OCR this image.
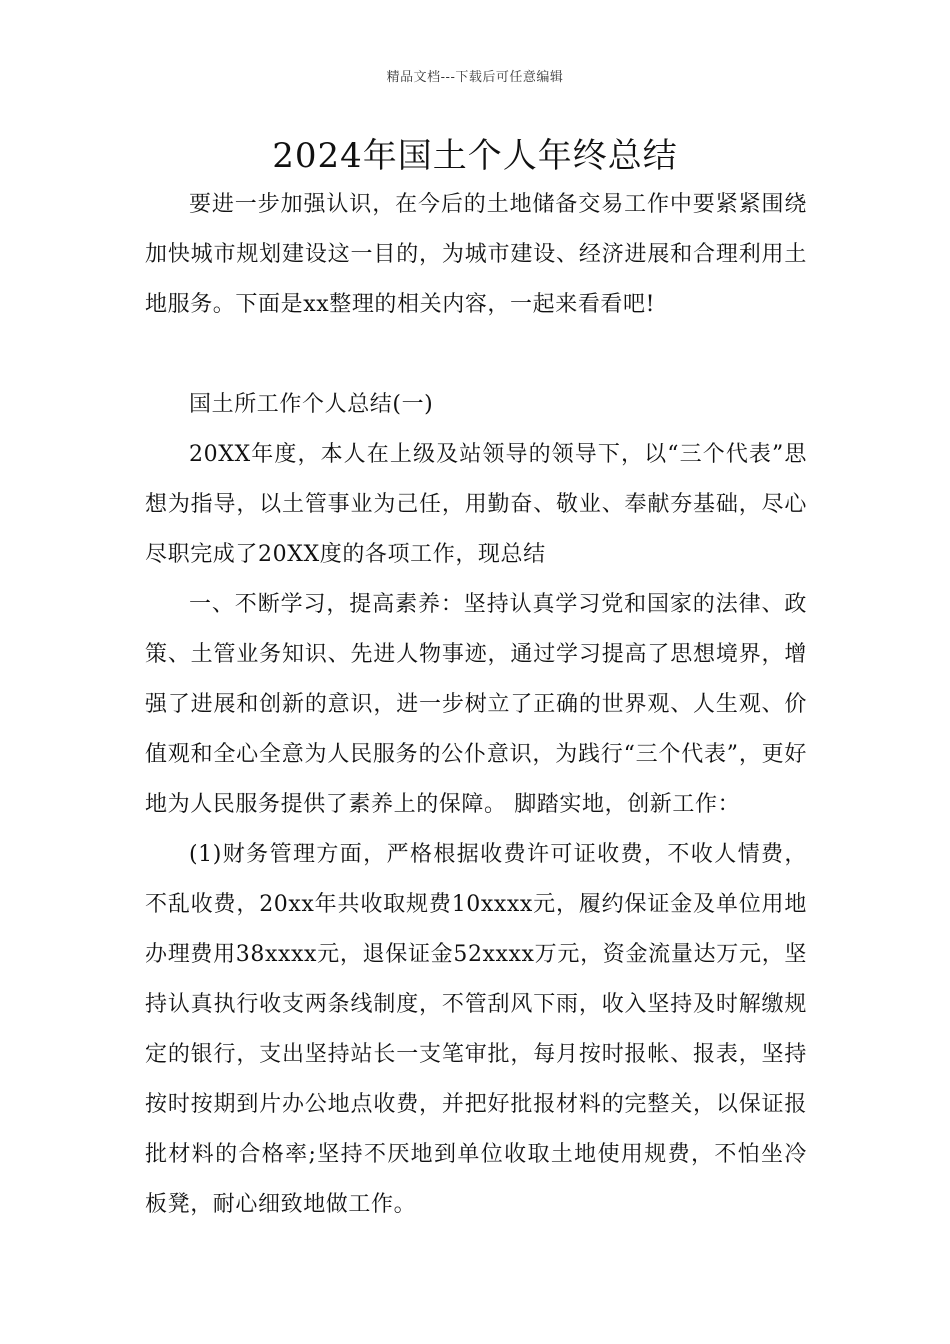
精品文档---下载后可任意编辑
2024年国土个人年终总结

要进一步加强认识，在今后的土地储备交易工作中要紧紧围绕加快城市规划建设这一目的，为城市建设、经济进展和合理利用土地服务。下面是xx整理的相关内容，一起来看看吧!

国土所工作个人总结(一)

20XX年度，本人在上级及站领导的领导下，以“三个代表”思想为指导，以土管事业为己任，用勤奋、敬业、奉献夯基础，尽心尽职完成了20XX度的各项工作，现总结

一、不断学习，提高素养：坚持认真学习党和国家的法律、政策、土管业务知识、先进人物事迹，通过学习提高了思想境界，增强了进展和创新的意识，进一步树立了正确的世界观、人生观、价值观和全心全意为人民服务的公仆意识，为践行“三个代表”，更好地为人民服务提供了素养上的保障。 脚踏实地，创新工作：

(1)财务管理方面，严格根据收费许可证收费，不收人情费，不乱收费，20xx年共收取规费10xxxx元，履约保证金及单位用地办理费用38xxxx元，退保证金52xxxx万元，资金流量达万元，坚持认真执行收支两条线制度，不管刮风下雨，收入坚持及时解缴规定的银行，支出坚持站长一支笔审批，每月按时报帐、报表，坚持按时按期到片办公地点收费，并把好批报材料的完整关，以保证报批材料的合格率;坚持不厌地到单位收取土地使用规费，不怕坐冷板凳，耐心细致地做工作。
